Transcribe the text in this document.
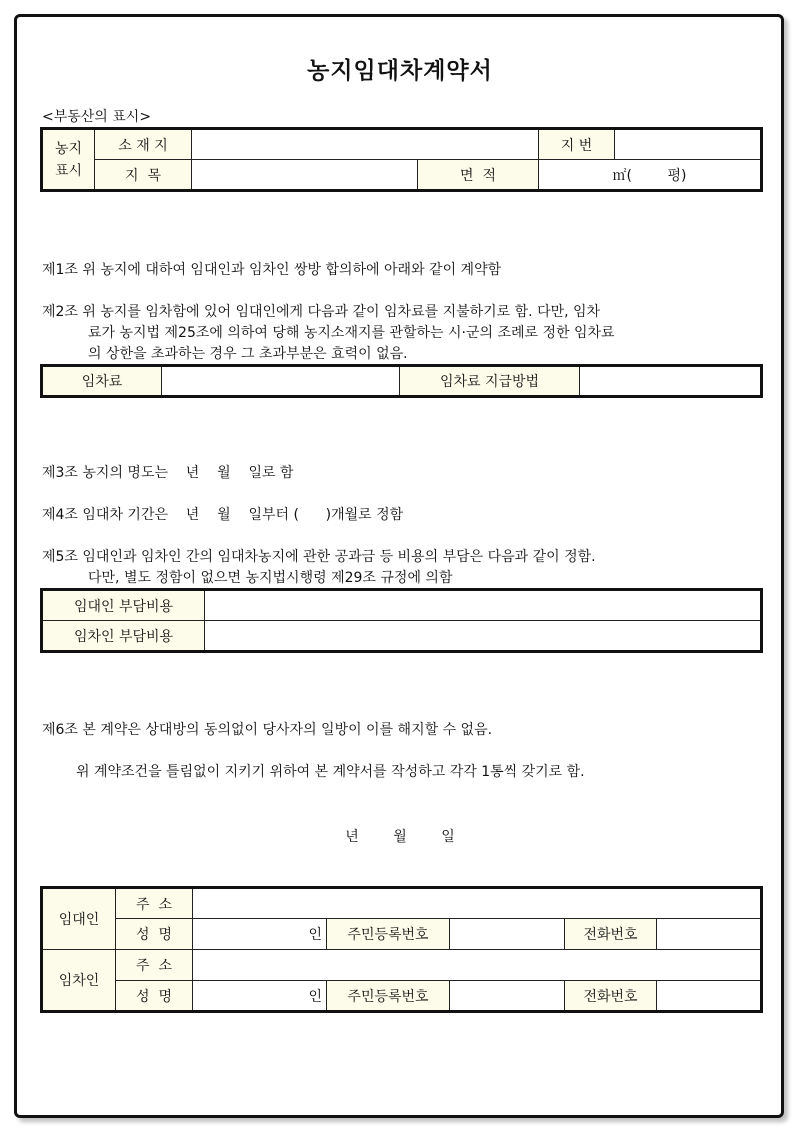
농지임대차계약서
<부동산의 표시>
농지
표시	소 재 지			지 번	
	지  목		면  적	㎡(        평)	
제1조 위 농지에 대하여 임대인과 임차인 쌍방 합의하에 아래와 같이 계약함
제2조 위 농지를 임차함에 있어 임대인에게 다음과 같이 임차료를 지불하기로 함. 다만, 임차
료가 농지법 제25조에 의하여 당해 농지소재지를 관할하는 시·군의 조례로 정한 임차료
의 상한을 초과하는 경우 그 초과부분은 효력이 없음.
임차료		임차료 지급방법	
제3조 농지의 명도는    년    월    일로 함
제4조 임대차 기간은    년    월    일부터 (      )개월로 정함
제5조 임대인과 임차인 간의 임대차농지에 관한 공과금 등 비용의 부담은 다음과 같이 정함.
다만, 별도 정함이 없으면 농지법시행령 제29조 규정에 의함
임대인 부담비용	
임차인 부담비용	
제6조 본 계약은 상대방의 동의없이 당사자의 일방이 이를 해지할 수 없음.
위 계약조건을 틀림없이 지키기 위하여 본 계약서를 작성하고 각각 1통씩 갖기로 함.
년 월 일
임대인	주  소					
	성  명	인	주민등록번호		전화번호	
임차인	주  소					
	성  명	인	주민등록번호		전화번호	
